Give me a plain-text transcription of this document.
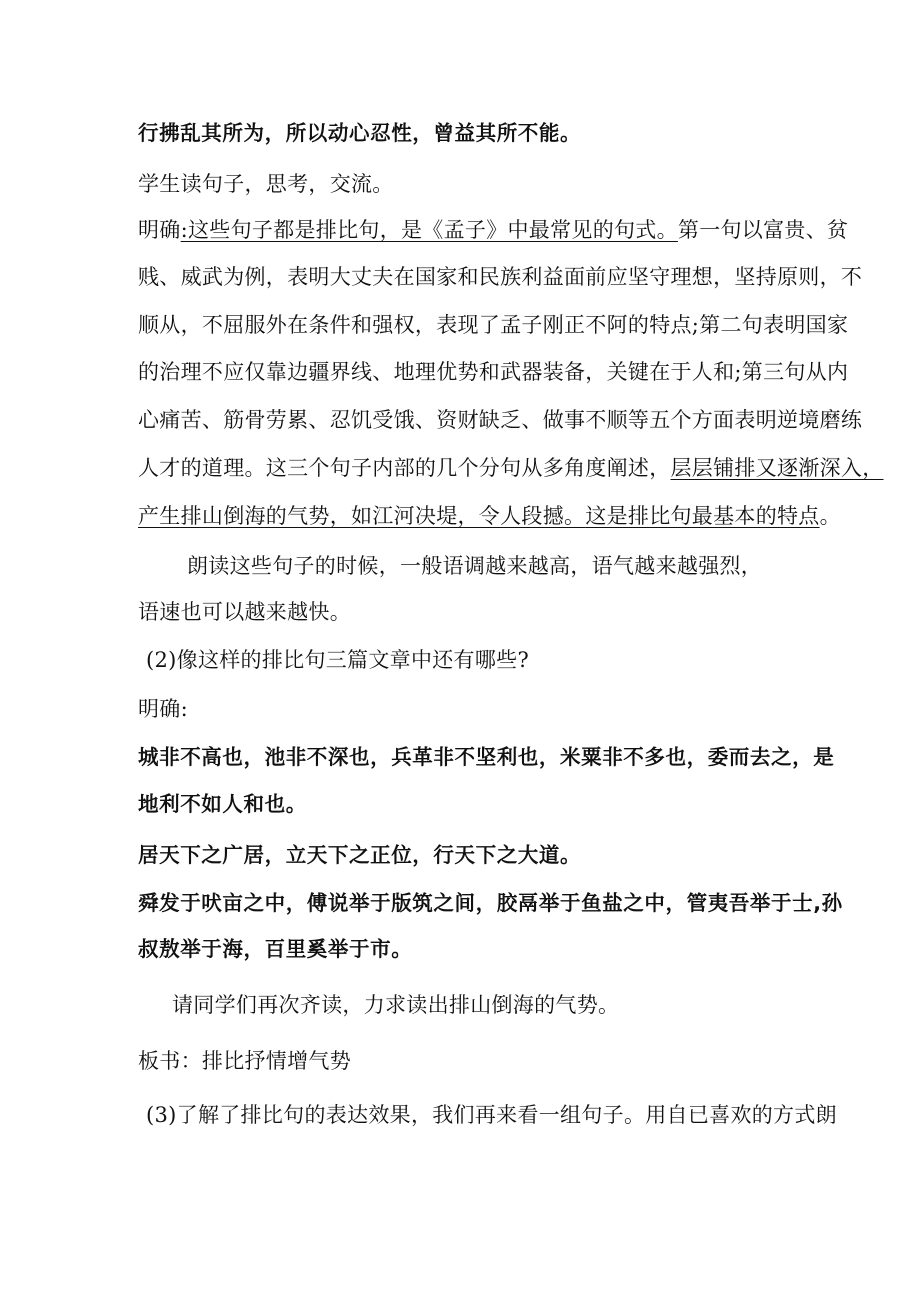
行拂乱其所为，所以动心忍性，曾益其所不能。
学生读句子，思考，交流。
明确:这些句子都是排比句，是《孟子》中最常见的句式。第一句以富贵、贫
贱、威武为例，表明大丈夫在国家和民族利益面前应坚守理想，坚持原则，不
顺从，不屈服外在条件和强权，表现了孟子刚正不阿的特点;第二句表明国家
的治理不应仅靠边疆界线、地理优势和武器装备，关键在于人和;第三句从内
心痛苦、筋骨劳累、忍饥受饿、资财缺乏、做事不顺等五个方面表明逆境磨练
人才的道理。这三个句子内部的几个分句从多角度阐述，层层铺排又逐渐深入，
产生排山倒海的气势，如江河决堤，令人段撼。这是排比句最基本的特点。
朗读这些句子的时候，一般语调越来越高，语气越来越强烈，
语速也可以越来越快。
(2)像这样的排比句三篇文章中还有哪些?
明确:
城非不高也，池非不深也，兵革非不坚利也，米粟非不多也，委而去之，是
地利不如人和也。
居天下之广居，立天下之正位，行天下之大道。
舜发于吠亩之中，傅说举于版筑之间，胶鬲举于鱼盐之中，管夷吾举于士,孙
叔敖举于海，百里奚举于市。
请同学们再次齐读，力求读出排山倒海的气势。
板书：排比抒情增气势
(3)了解了排比句的表达效果，我们再来看一组句子。用自已喜欢的方式朗
